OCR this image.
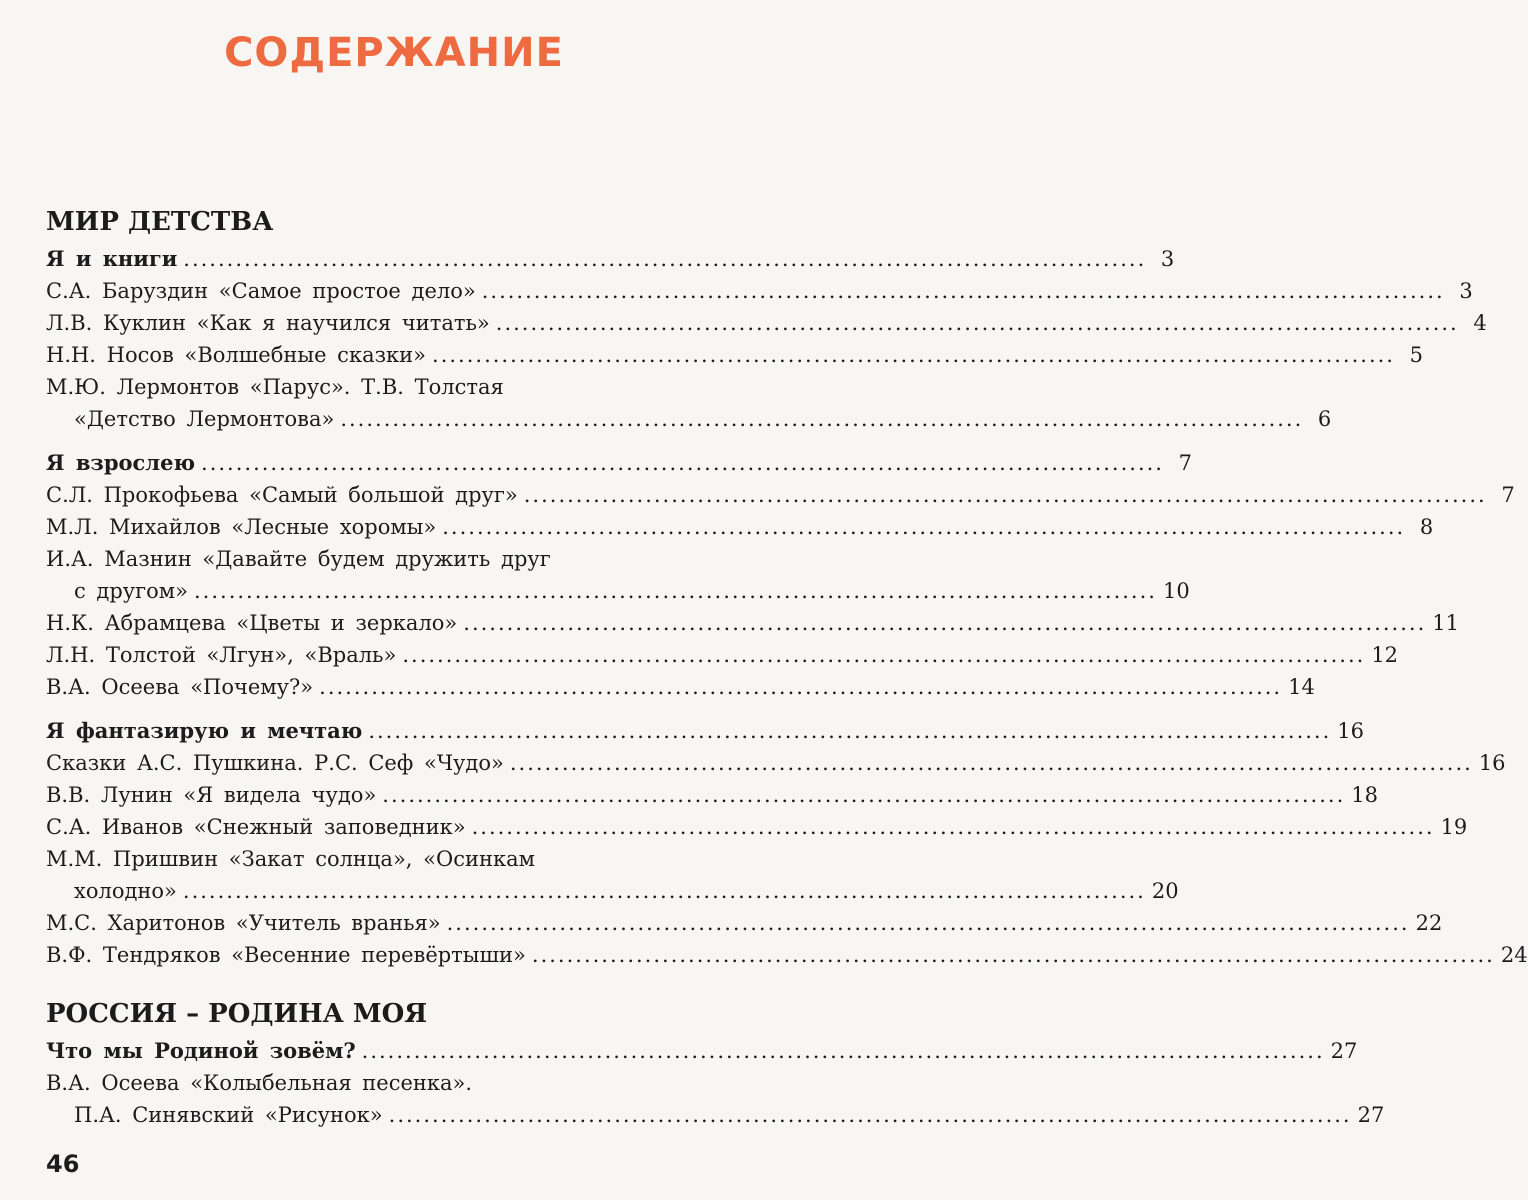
СОДЕРЖАНИЕ
МИР ДЕТСТВА
Я и книги ............................................................................................................... 3
С.А. Баруздин «Самое простое дело» ............................................................................................................... 3
Л.В. Куклин «Как я научился читать» ............................................................................................................... 4
Н.Н. Носов «Волшебные сказки» ............................................................................................................... 5
М.Ю. Лермонтов «Парус». Т.В. Толстая
«Детство Лермонтова» ............................................................................................................... 6
Я взрослею ............................................................................................................... 7
С.Л. Прокофьева «Самый большой друг» ............................................................................................................... 7
М.Л. Михайлов «Лесные хоромы» ............................................................................................................... 8
И.А. Мазнин «Давайте будем дружить друг
с другом» ............................................................................................................... 10
Н.К. Абрамцева «Цветы и зеркало» ............................................................................................................... 11
Л.Н. Толстой «Лгун», «Враль» ............................................................................................................... 12
В.А. Осеева «Почему?» ............................................................................................................... 14
Я фантазирую и мечтаю ............................................................................................................... 16
Сказки А.С. Пушкина. Р.С. Сеф «Чудо» ............................................................................................................... 16
В.В. Лунин «Я видела чудо» ............................................................................................................... 18
С.А. Иванов «Снежный заповедник» ............................................................................................................... 19
М.М. Пришвин «Закат солнца», «Осинкам
холодно» ............................................................................................................... 20
М.С. Харитонов «Учитель вранья» ............................................................................................................... 22
В.Ф. Тендряков «Весенние перевёртыши» ............................................................................................................... 24
РОССИЯ – РОДИНА МОЯ
Что мы Родиной зовём? ............................................................................................................... 27
В.А. Осеева «Колыбельная песенка».
П.А. Синявский «Рисунок» ............................................................................................................... 27
46
